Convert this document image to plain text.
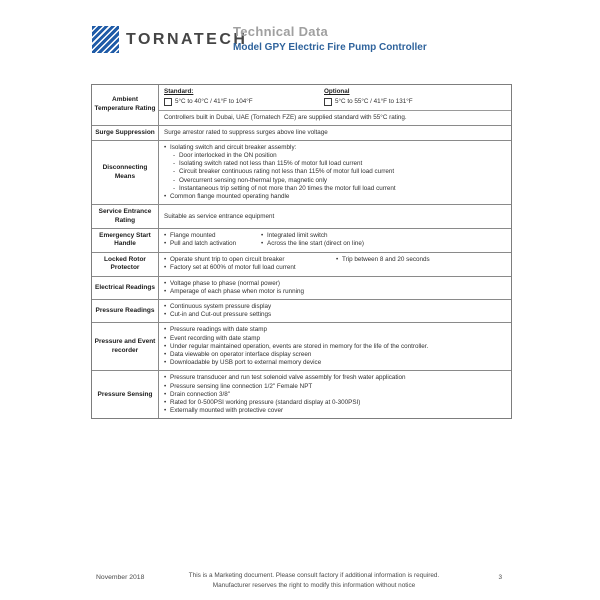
TORNATECH
Technical Data
Model GPY Electric Fire Pump Controller
Ambient Temperature Rating
Standard:
5°C to 40°C / 41°F to 104°F
Optional
5°C to 55°C / 41°F to 131°F
Controllers built in Dubai, UAE (Tornatech FZE) are supplied standard with 55°C rating.
Surge Suppression	Surge arrestor rated to suppress surges above line voltage
Disconnecting Means
• Isolating switch and circuit breaker assembly:
- Door interlocked in the ON position
- Isolating switch rated not less than 115% of motor full load current
- Circuit breaker continuous rating not less than 115% of motor full load current
- Overcurrent sensing non-thermal type, magnetic only
- Instantaneous trip setting of not more than 20 times the motor full load current
• Common flange mounted operating handle
Service Entrance Rating
Suitable as service entrance equipment
Emergency Start Handle
• Flange mounted
• Pull and latch activation
• Integrated limit switch
• Across the line start (direct on line)
Locked Rotor Protector
• Operate shunt trip to open circuit breaker
• Factory set at 600% of motor full load current
• Trip between 8 and 20 seconds
Electrical Readings
• Voltage phase to phase (normal power)
• Amperage of each phase when motor is running
Pressure Readings
• Continuous system pressure display
• Cut-in and Cut-out pressure settings
Pressure and Event recorder
• Pressure readings with date stamp
• Event recording with date stamp
• Under regular maintained operation, events are stored in memory for the life of the controller.
• Data viewable on operator interface display screen
• Downloadable by USB port to external memory device
Pressure Sensing
• Pressure transducer and run test solenoid valve assembly for fresh water application
• Pressure sensing line connection 1/2" Female NPT
• Drain connection 3/8"
• Rated for 0-500PSI working pressure (standard display at 0-300PSI)
• Externally mounted with protective cover
November 2018	This is a Marketing document. Please consult factory if additional information is required.
Manufacturer reserves the right to modify this information without notice
3
